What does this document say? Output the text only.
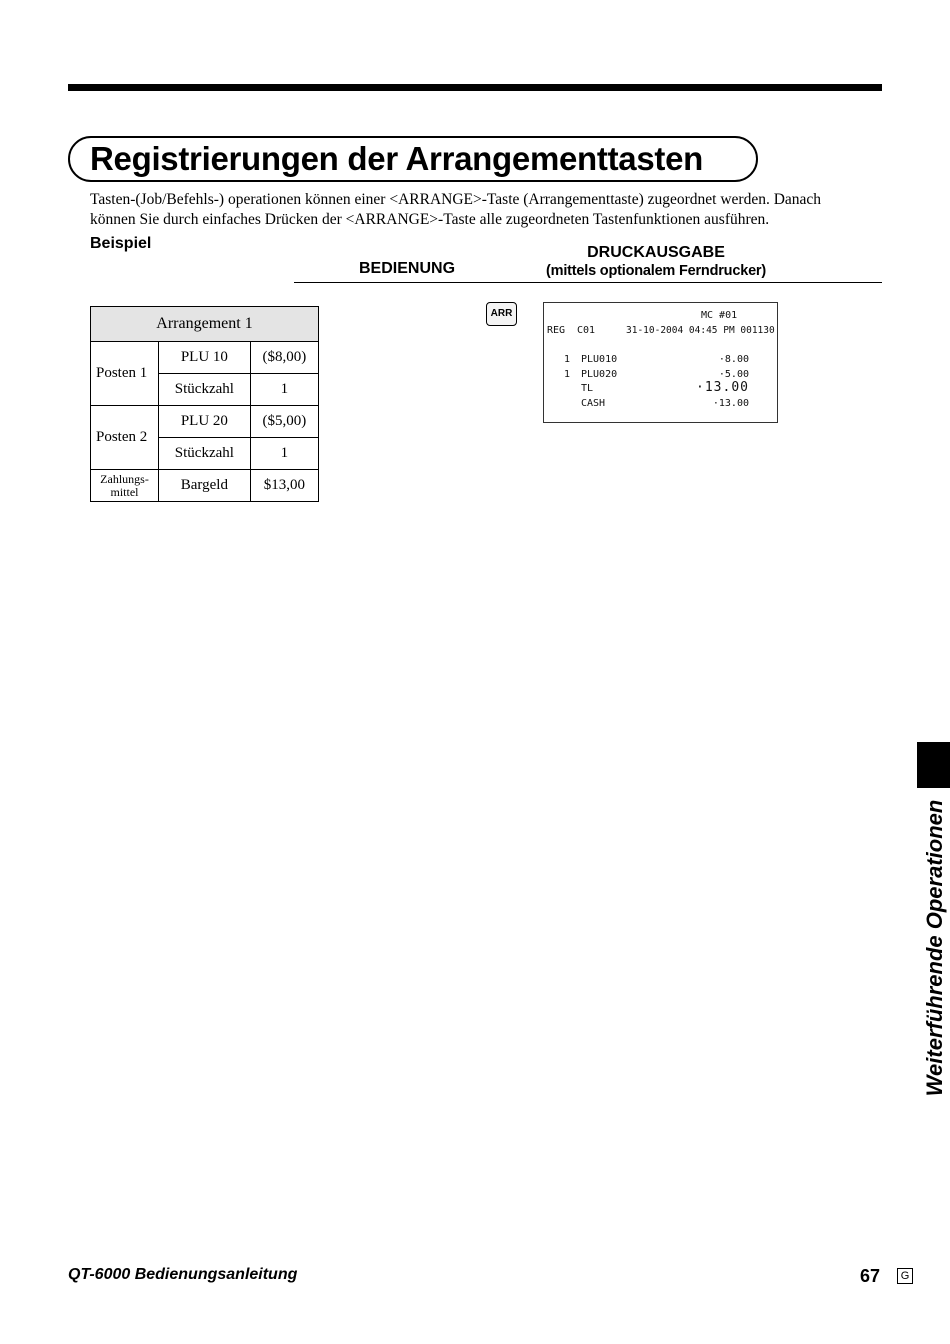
Registrierungen der Arrangementtasten
Tasten-(Job/Befehls-) operationen können einer <ARRANGE>-Taste (Arrangementtaste) zugeordnet werden. Danach
können Sie durch einfaches Drücken der <ARRANGE>-Taste alle zugeordneten Tastenfunktionen ausführen.
Beispiel
BEDIENUNG
DRUCKAUSGABE
(mittels optionalem Ferndrucker)
Arrangement 1		
Posten 1	PLU 10	($8,00)
	Stückzahl	1
Posten 2	PLU 20	($5,00)
	Stückzahl	1

Zahlungs-
mittel	Bargeld	$13,00
ARR	MC #01
REG C01	31-10-2004 04:45 PM 001130
1 PLU010	·8.00
1 PLU020	·5.00
TL	·13.00
CASH	·13.00
Weiterführende Operationen
QT-6000 Bedienungsanleitung	67	G
